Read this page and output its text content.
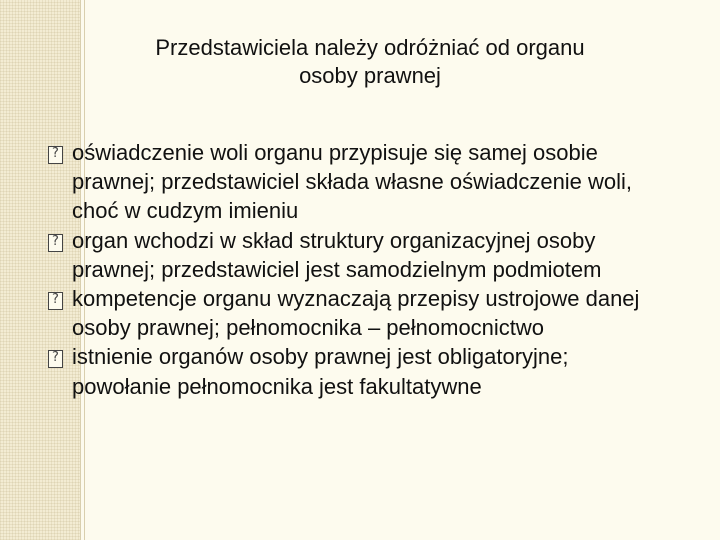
Przedstawiciela należy odróżniać od organu
osoby prawnej
?
oświadczenie woli organu przypisuje się samej osobie prawnej; przedstawiciel składa własne oświadczenie woli, choć w cudzym imieniu
?
organ wchodzi w skład struktury organizacyjnej osoby prawnej; przedstawiciel jest samodzielnym podmiotem
?
kompetencje organu wyznaczają przepisy ustrojowe danej osoby prawnej; pełnomocnika – pełnomocnictwo
?
istnienie organów osoby prawnej jest obligatoryjne; powołanie pełnomocnika jest fakultatywne
